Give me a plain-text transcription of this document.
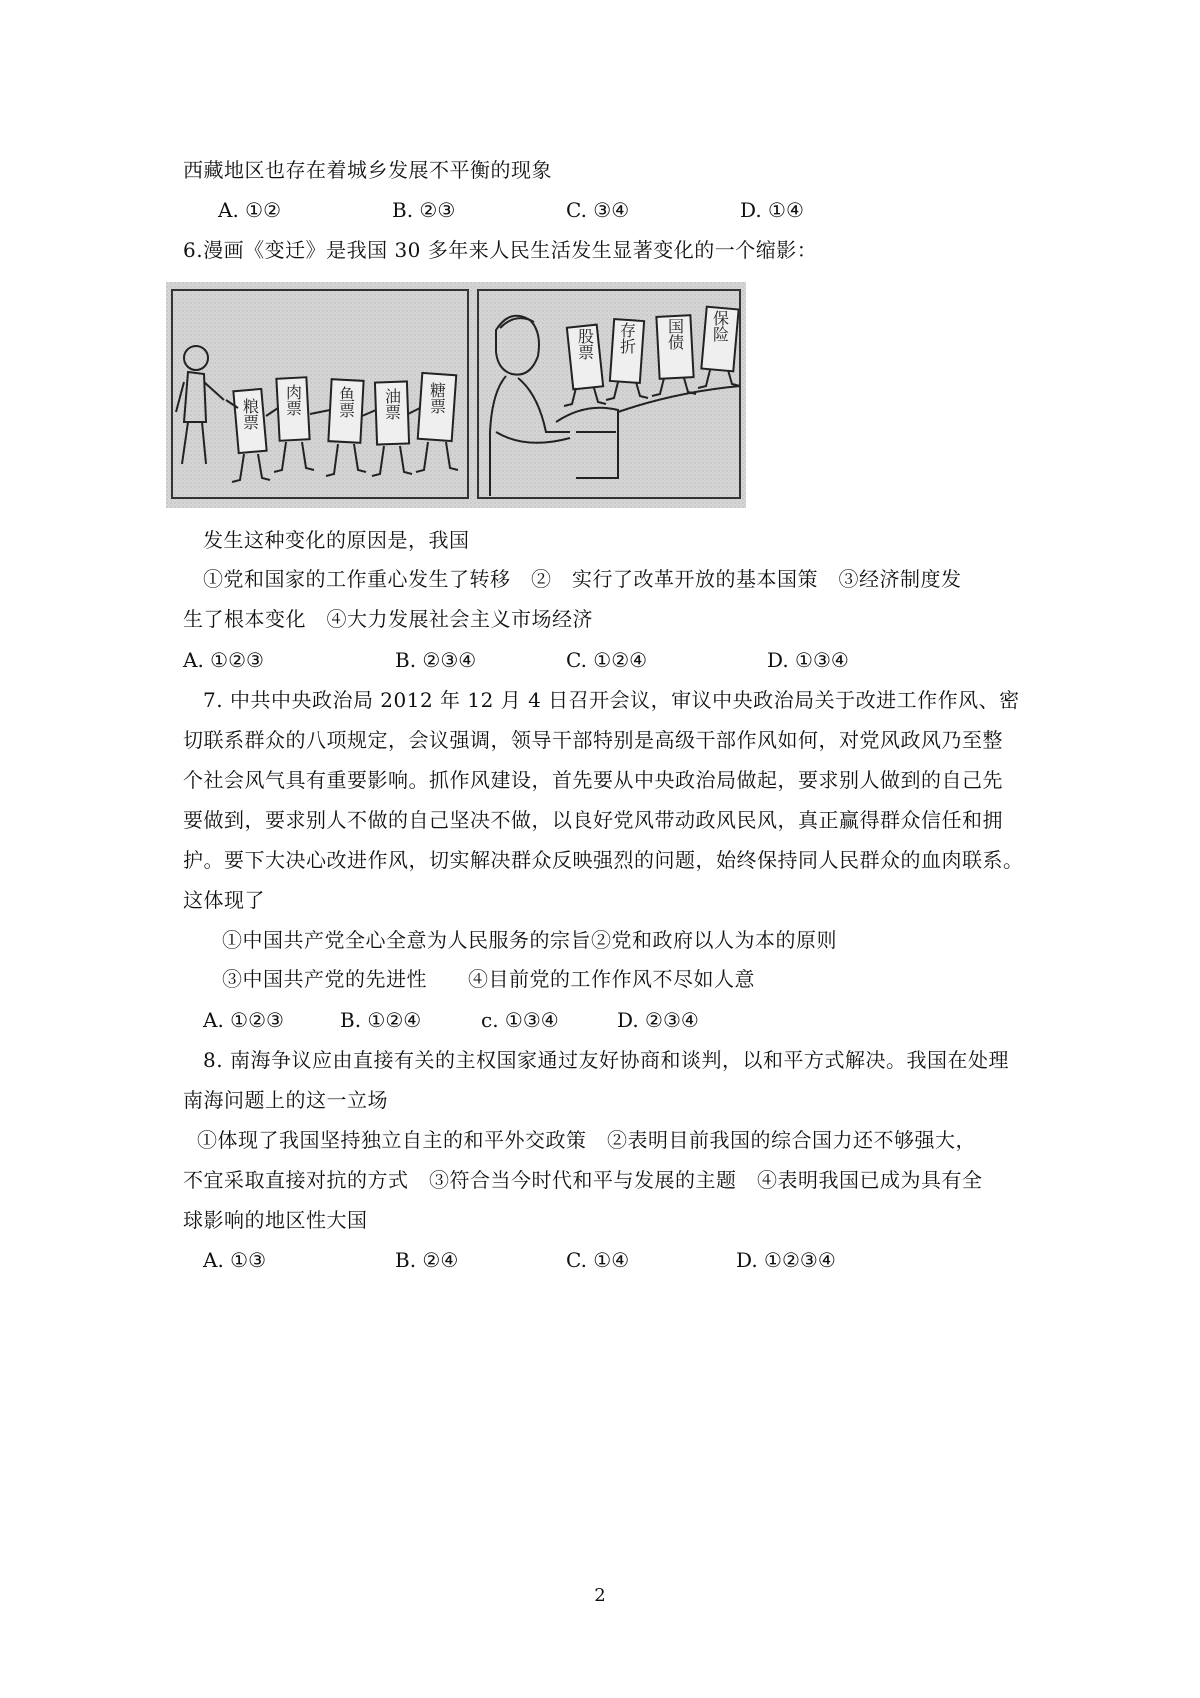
西藏地区也存在着城乡发展不平衡的现象
A. ①②	B. ②③	C. ③④	D. ①④
6.漫画《变迁》是我国 30 多年来人民生活发生显著变化的一个缩影：
粮票 肉票 鱼票 油票 糖票
股票 存折 国债 保险
发生这种变化的原因是，我国
①党和国家的工作重心发生了转移　②　实行了改革开放的基本国策　③经济制度发
生了根本变化　④大力发展社会主义市场经济
A. ①②③	B. ②③④	C. ①②④	D. ①③④
7. 中共中央政治局 2012 年 12 月 4 日召开会议，审议中央政治局关于改进工作作风、密
切联系群众的八项规定，会议强调，领导干部特别是高级干部作风如何，对党风政风乃至整
个社会风气具有重要影响。抓作风建设，首先要从中央政治局做起，要求别人做到的自己先
要做到，要求别人不做的自己坚决不做，以良好党风带动政风民风，真正赢得群众信任和拥
护。要下大决心改进作风，切实解决群众反映强烈的问题，始终保持同人民群众的血肉联系。
这体现了
①中国共产党全心全意为人民服务的宗旨②党和政府以人为本的原则
③中国共产党的先进性　　④目前党的工作作风不尽如人意
A. ①②③	B. ①②④	c. ①③④	D. ②③④
8. 南海争议应由直接有关的主权国家通过友好协商和谈判，以和平方式解决。我国在处理
南海问题上的这一立场
①体现了我国坚持独立自主的和平外交政策　②表明目前我国的综合国力还不够强大，
不宜采取直接对抗的方式　③符合当今时代和平与发展的主题　④表明我国已成为具有全
球影响的地区性大国
A. ①③	B. ②④	C. ①④	D. ①②③④
2
